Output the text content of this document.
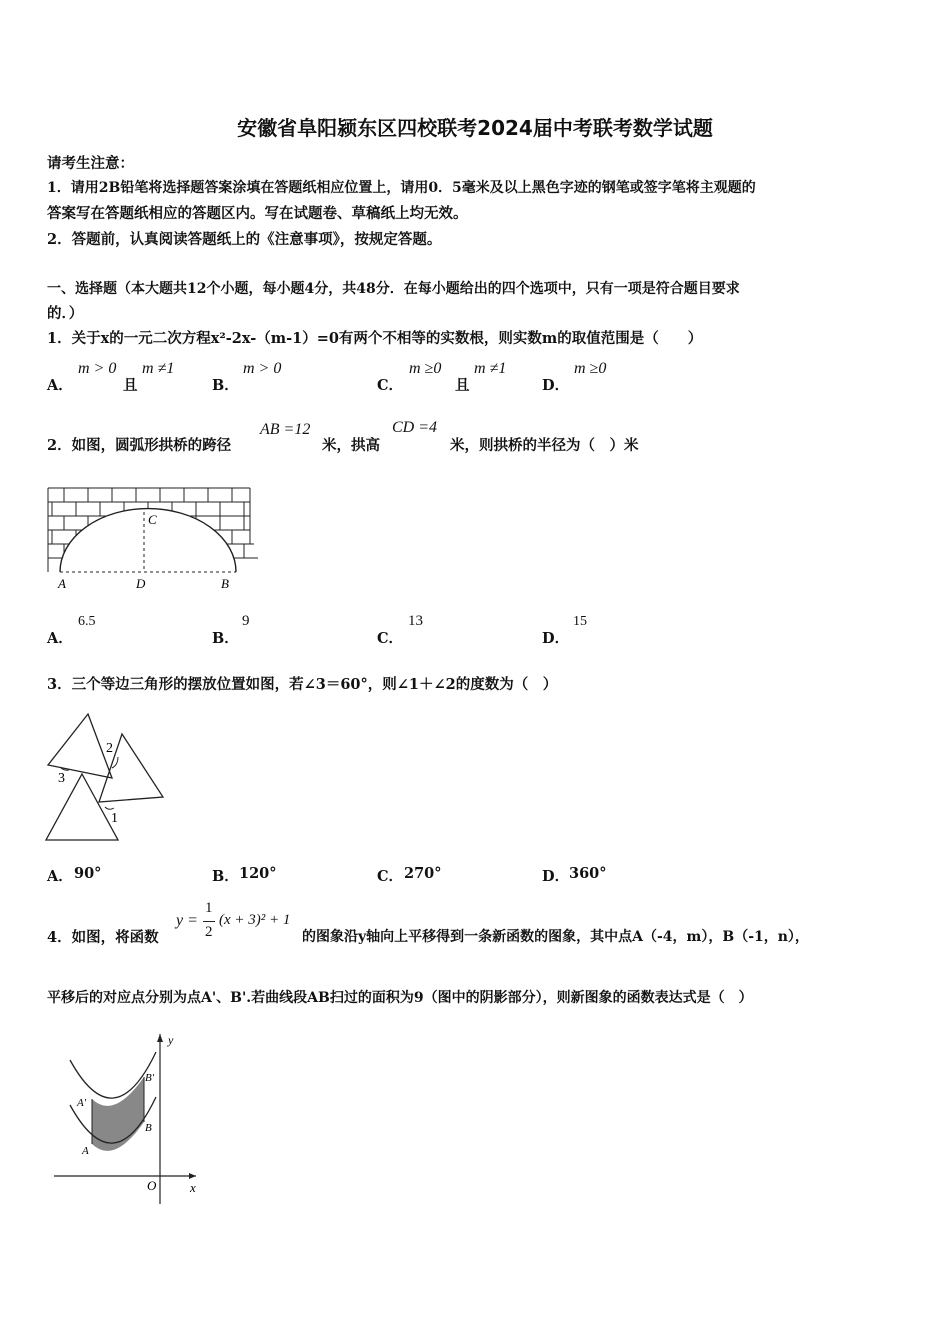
安徽省阜阳颍东区四校联考2024届中考联考数学试题
请考生注意：
1．请用2B铅笔将选择题答案涂填在答题纸相应位置上，请用0．5毫米及以上黑色字迹的钢笔或签字笔将主观题的
答案写在答题纸相应的答题区内。写在试题卷、草稿纸上均无效。
2．答题前，认真阅读答题纸上的《注意事项》，按规定答题。
一、选择题（本大题共12个小题，每小题4分，共48分．在每小题给出的四个选项中，只有一项是符合题目要求
的．）
1．关于x的一元二次方程x²-2x-（m-1）=0有两个不相等的实数根，则实数m的取值范围是（　　）
A．
m > 0
且
m ≠1
B．
m > 0
C．
m ≥0
且
m ≠1
D．
m ≥0
2．如图，圆弧形拱桥的跨径
AB =12
米，拱高
CD =4
米，则拱桥的半径为（　）米
A	D	B
C
A．
6.5
B．
9
C．
13
D．
15
3．三个等边三角形的摆放位置如图，若∠3＝60°，则∠1＋∠2的度数为（　）
2
3
1
A． 90°	B． 120°	C． 270°	D． 360°
4．如图，将函数
y =
1
2
(x + 3)² + 1
的图象沿y轴向上平移得到一条新函数的图象，其中点A（-4，m），B（-1，n），
平移后的对应点分别为点A'、B'.若曲线段AB扫过的面积为9（图中的阴影部分），则新图象的函数表达式是（　）
y
x
O
A'
B'
A
B
